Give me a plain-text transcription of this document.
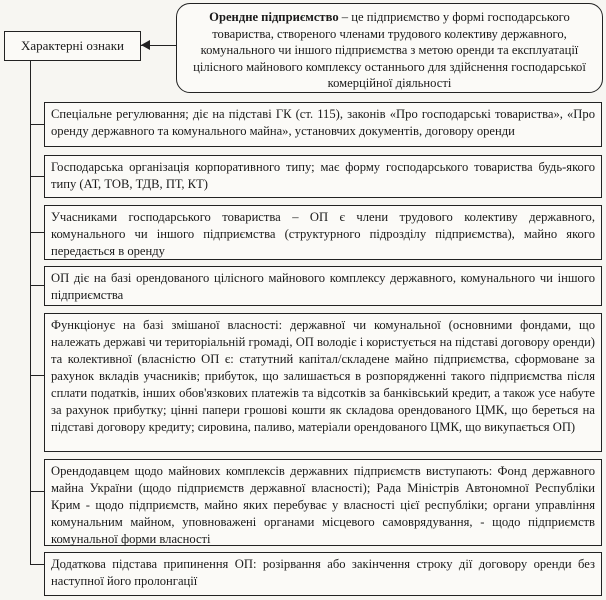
Характерні ознаки
Орендне підприємство – це підприємство у формі господарського товариства, створеного членами трудового колективу державного, комунального чи іншого підприємства з метою оренди та експлуатації цілісного майнового комплексу останнього для здійснення господарської комерційної діяльності
Спеціальне регулювання; діє на підставі ГК (ст. 115), законів «Про господарські товариства», «Про оренду державного та комунального майна», установчих документів, договору оренди
Господарська організація корпоративного типу; має форму господарського товариства будь-якого типу (АТ, ТОВ, ТДВ, ПТ, КТ)
Учасниками господарського товариства – ОП є члени трудового колективу державного, комунального чи іншого підприємства (структурного підрозділу підприємства), майно якого передається в оренду
ОП діє на базі орендованого цілісного майнового комплексу державного, комунального чи іншого підприємства
Функціонує на базі змішаної власності: державної чи комунальної (основними фондами, що належать державі чи територіальній громаді, ОП володіє і користується на підставі договору оренди) та колективної (власністю ОП є: статутний капітал/складене майно підприємства, сформоване за рахунок вкладів учасників; прибуток, що залишається в розпорядженні такого підприємства після сплати податків, інших обов'язкових платежів та відсотків за банківський кредит, а також усе набуте за рахунок прибутку; цінні папери грошові кошти як складова орендованого ЦМК, що береться на підставі договору кредиту; сировина, паливо, матеріали орендованого ЦМК, що викупається ОП)
Орендодавцем щодо майнових комплексів державних підприємств виступають: Фонд державного майна України (щодо підприємств державної власності); Рада Міністрів Автономної Республіки Крим - щодо підприємств, майно яких перебуває у власності цієї республіки; органи управління комунальним майном, уповноважені органами місцевого самоврядування, - щодо підприємств комунальної форми власності
Додаткова підстава припинення ОП: розірвання або закінчення строку дії договору оренди без наступної його пролонгації
